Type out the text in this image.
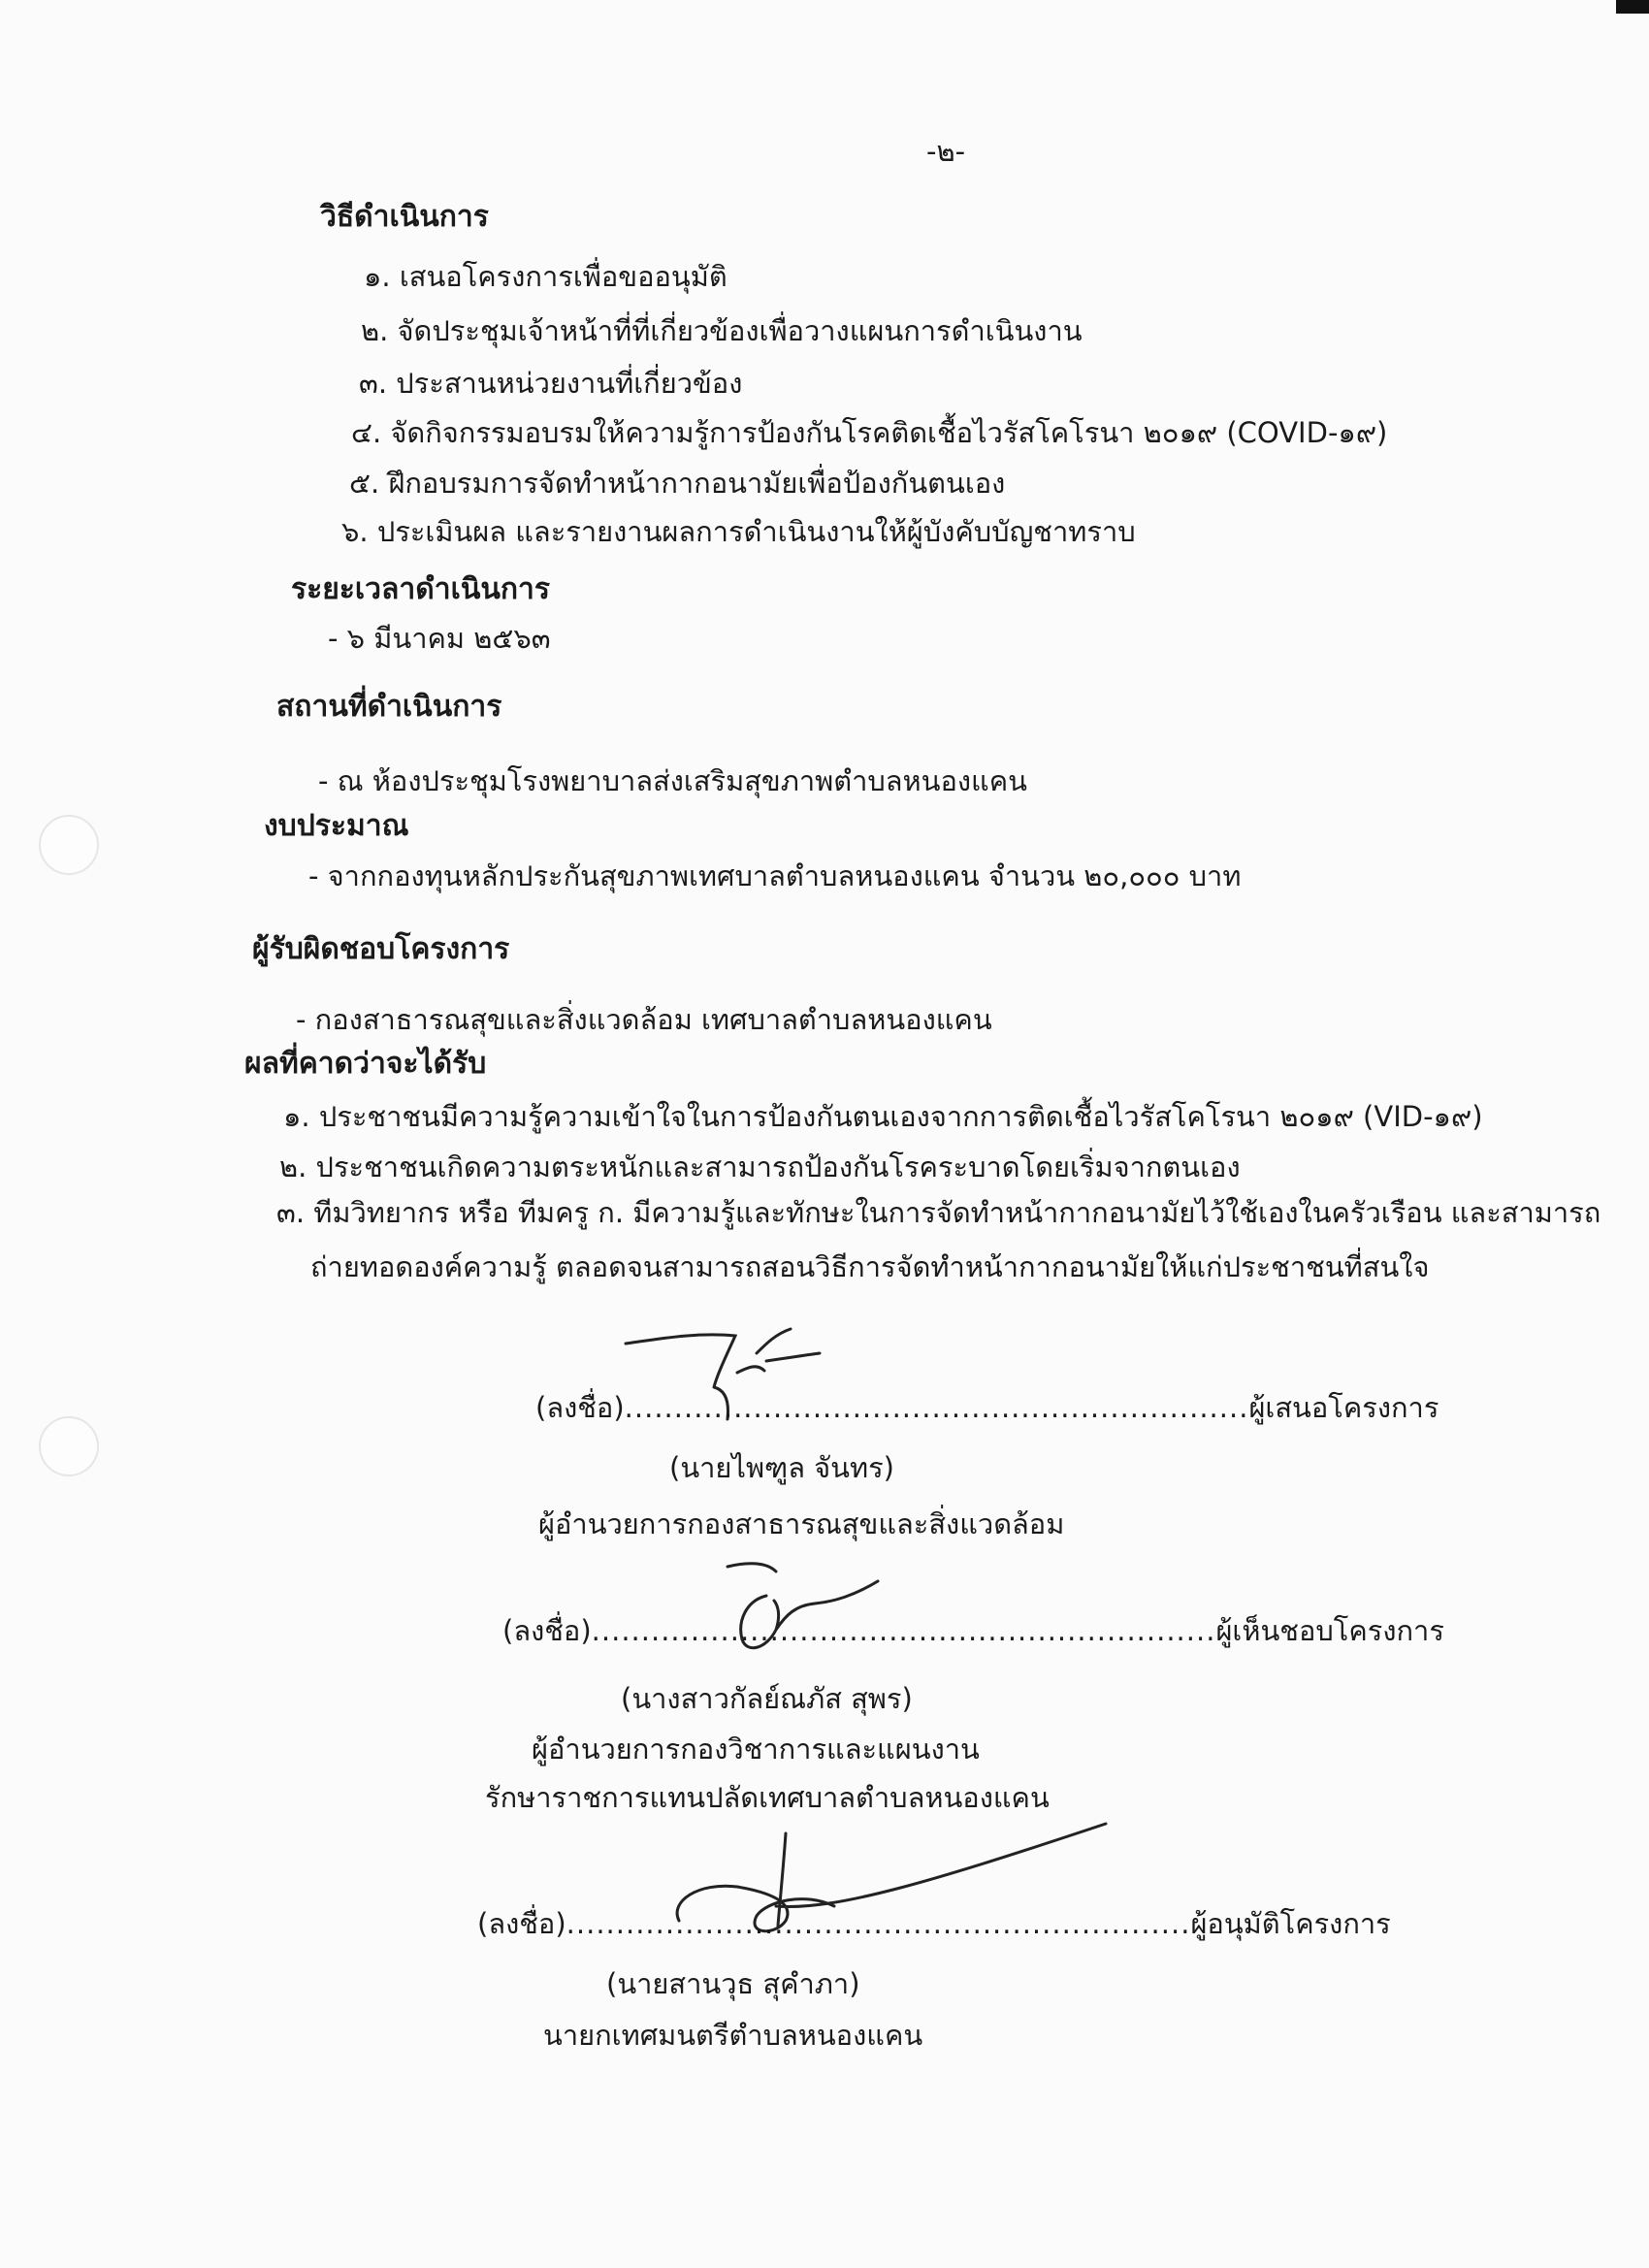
-๒-
วิธีดำเนินการ
๑. เสนอโครงการเพื่อขออนุมัติ
๒. จัดประชุมเจ้าหน้าที่ที่เกี่ยวข้องเพื่อวางแผนการดำเนินงาน
๓. ประสานหน่วยงานที่เกี่ยวข้อง
๔. จัดกิจกรรมอบรมให้ความรู้การป้องกันโรคติดเชื้อไวรัสโคโรนา ๒๐๑๙ (COVID-๑๙)
๕. ฝึกอบรมการจัดทำหน้ากากอนามัยเพื่อป้องกันตนเอง
๖. ประเมินผล และรายงานผลการดำเนินงานให้ผู้บังคับบัญชาทราบ
ระยะเวลาดำเนินการ
- ๖ มีนาคม ๒๕๖๓
สถานที่ดำเนินการ
- ณ ห้องประชุมโรงพยาบาลส่งเสริมสุขภาพตำบลหนองแคน
งบประมาณ
- จากกองทุนหลักประกันสุขภาพเทศบาลตำบลหนองแคน จำนวน ๒๐,๐๐๐ บาท
ผู้รับผิดชอบโครงการ
- กองสาธารณสุขและสิ่งแวดล้อม เทศบาลตำบลหนองแคน
ผลที่คาดว่าจะได้รับ
๑. ประชาชนมีความรู้ความเข้าใจในการป้องกันตนเองจากการติดเชื้อไวรัสโคโรนา ๒๐๑๙ (VID-๑๙)
๒. ประชาชนเกิดความตระหนักและสามารถป้องกันโรคระบาดโดยเริ่มจากตนเอง
๓. ทีมวิทยากร หรือ ทีมครู ก. มีความรู้และทักษะในการจัดทำหน้ากากอนามัยไว้ใช้เองในครัวเรือน และสามารถ
ถ่ายทอดองค์ความรู้ ตลอดจนสามารถสอนวิธีการจัดทำหน้ากากอนามัยให้แก่ประชาชนที่สนใจ
(ลงชื่อ)...............................................................ผู้เสนอโครงการ
(นายไพฑูล จันทร)
ผู้อำนวยการกองสาธารณสุขและสิ่งแวดล้อม
(ลงชื่อ)...............................................................ผู้เห็นชอบโครงการ
(นางสาวกัลย์ณภัส สุพร)
ผู้อำนวยการกองวิชาการและแผนงาน
รักษาราชการแทนปลัดเทศบาลตำบลหนองแคน
(ลงชื่อ)...............................................................ผู้อนุมัติโครงการ
(นายสานวุธ สุคำภา)
นายกเทศมนตรีตำบลหนองแคน
